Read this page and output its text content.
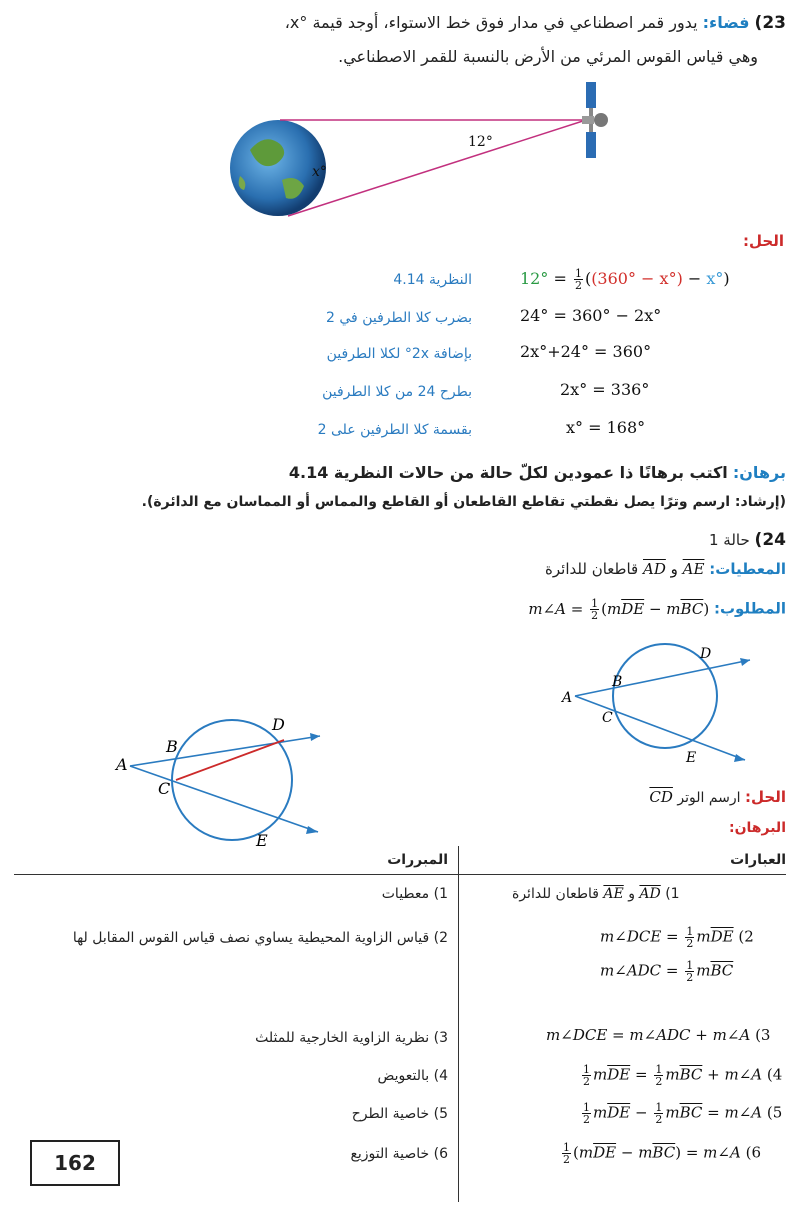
23) فضاء: يدور قمر اصطناعي في مدار فوق خط الاستواء، أوجد قيمة °x،
وهي قياس القوس المرئي من الأرض بالنسبة للقمر الاصطناعي.
12°
x°
الحل:
$12^\circ = \frac{1}{2} ((360^\circ - x^\circ) - x^\circ)$
النظرية 4.14
24° = 360° − 2x°
بضرب كلا الطرفين في 2
2x°+24° = 360°
بإضافة 2x° لكلا الطرفين
2x° = 336°
بطرح 24 من كلا الطرفين
x° = 168°
بقسمة كلا الطرفين على 2
برهان: اكتب برهانًا ذا عمودين لكلّ حالة من حالات النظرية 4.14
(إرشاد: ارسم وترًا يصل نقطتي تقاطع القاطعان أو القاطع والمماس أو المماسان مع الدائرة).
24) حالة 1
المعطيات: $\overline{AE}$ و $\overline{AD}$ قاطعان للدائرة
المطلوب: m∠A = $\frac{1}{2} (m\overline{DE} - m\overline{BC})$
A
B
C
D
E
A
B
C
D
E
الحل: ارسم الوتر $\overline{CD}$
البرهان:
العبارات
المبررات
قاطعان للدائرة $\overline{AE}$ و $\overline{AD}$ (1
1) معطيات
m∠DCE = $\frac{1}{2} m\overline{DE}$ (2
m∠ADC = $\frac{1}{2} m\overline{BC}$
2) قياس الزاوية المحيطية يساوي نصف قياس القوس المقابل لها
m∠DCE = m∠ADC + m∠A (3
3) نظرية الزاوية الخارجية للمثلث
$\frac{1}{2} m\overline{DE} = \frac{1}{2} m\overline{BC}$ + m∠A (4
4) بالتعويض
$\frac{1}{2} m\overline{DE} - \frac{1}{2} m\overline{BC}$ = m∠A (5
5) خاصية الطرح
$\frac{1}{2} (m\overline{DE} - m\overline{BC})$ = m∠A (6
6) خاصية التوزيع
162
